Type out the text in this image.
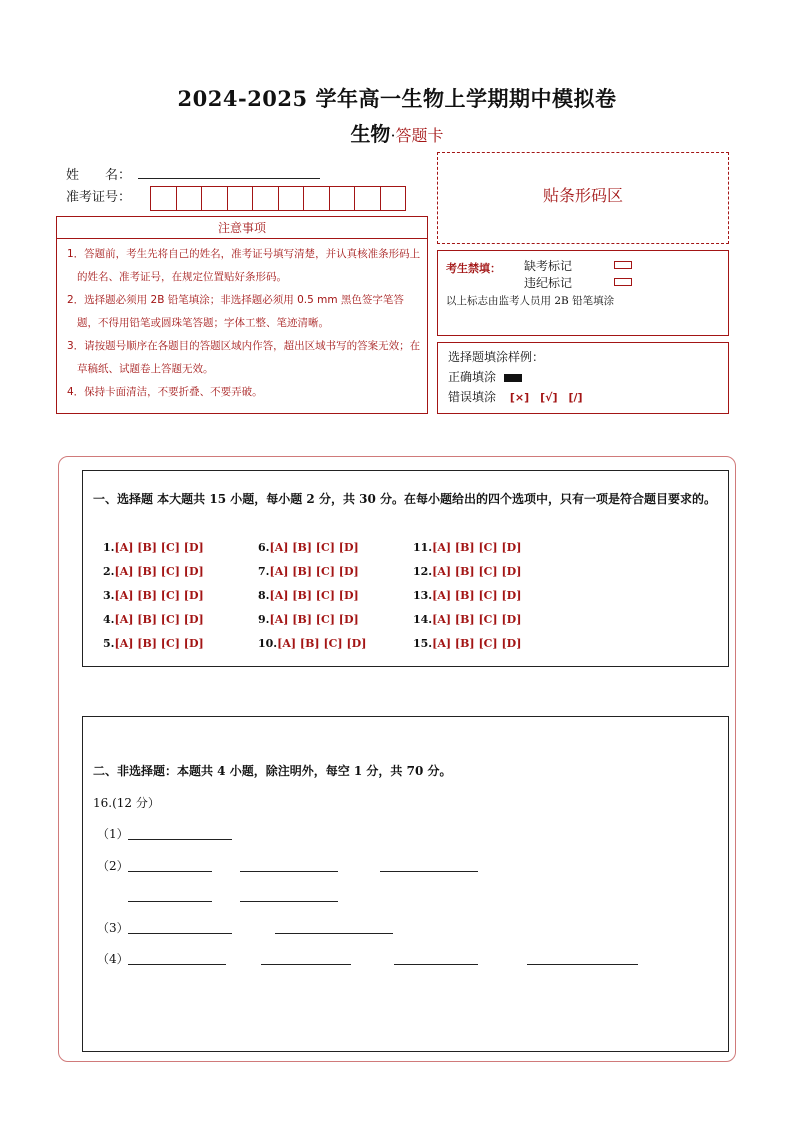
2024-2025 学年高一生物上学期期中模拟卷
生物·答题卡
姓　　名：
准考证号：
注意事项
1．答题前，考生先将自己的姓名，准考证号填写清楚，并认真核准条形码上的姓名、准考证号，在规定位置贴好条形码。
2．选择题必须用 2B 铅笔填涂；非选择题必须用 0.5 mm 黑色签字笔答题，不得用铅笔或圆珠笔答题；字体工整、笔迹清晰。
3．请按题号顺序在各题目的答题区域内作答，超出区域书写的答案无效；在草稿纸、试题卷上答题无效。
4．保持卡面清洁，不要折叠、不要弄破。
贴条形码区
考生禁填： 缺考标记
违纪标记
以上标志由监考人员用 2B 铅笔填涂
选择题填涂样例：
正确填涂
错误填涂 [×]　[√]　[/]
一、选择题 本大题共 15 小题，每小题 2 分，共 30 分。在每小题给出的四个选项中，只有一项是符合题目要求的。
1.[A] [B] [C] [D]
2.[A] [B] [C] [D]
3.[A] [B] [C] [D]
4.[A] [B] [C] [D]
5.[A] [B] [C] [D]
6.[A] [B] [C] [D]
7.[A] [B] [C] [D]
8.[A] [B] [C] [D]
9.[A] [B] [C] [D]
10.[A] [B] [C] [D]
11.[A] [B] [C] [D]
12.[A] [B] [C] [D]
13.[A] [B] [C] [D]
14.[A] [B] [C] [D]
15.[A] [B] [C] [D]
二、非选择题：本题共 4 小题，除注明外，每空 1 分，共 70 分。
16.(12 分）
（1）
（2）
（3）
（4）
